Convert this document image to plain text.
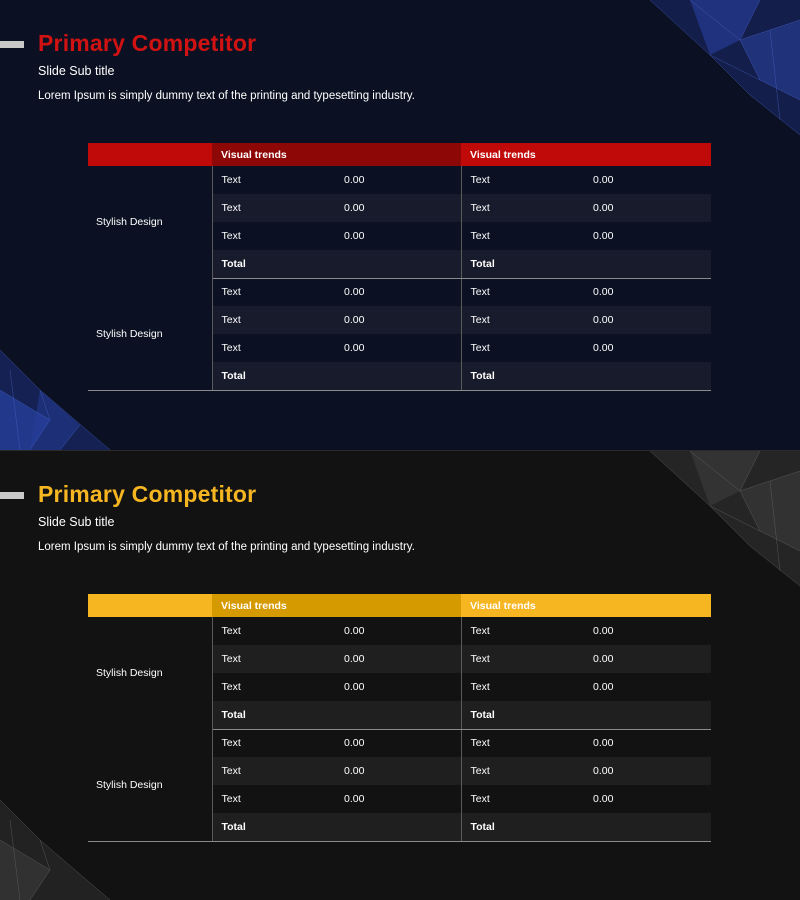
Primary Competitor
Slide Sub title
Lorem Ipsum is simply dummy text of the printing and typesetting industry.
	Visual trends		Visual trends	
Stylish Design	Text	0.00	Text	0.00
	Text	0.00	Text	0.00
	Text	0.00	Text	0.00
	Total		Total	
Stylish Design	Text	0.00	Text	0.00
	Text	0.00	Text	0.00
	Text	0.00	Text	0.00
	Total		Total	
Primary Competitor
Slide Sub title
Lorem Ipsum is simply dummy text of the printing and typesetting industry.
	Visual trends		Visual trends	
Stylish Design	Text	0.00	Text	0.00
	Text	0.00	Text	0.00
	Text	0.00	Text	0.00
	Total		Total	
Stylish Design	Text	0.00	Text	0.00
	Text	0.00	Text	0.00
	Text	0.00	Text	0.00
	Total		Total	
